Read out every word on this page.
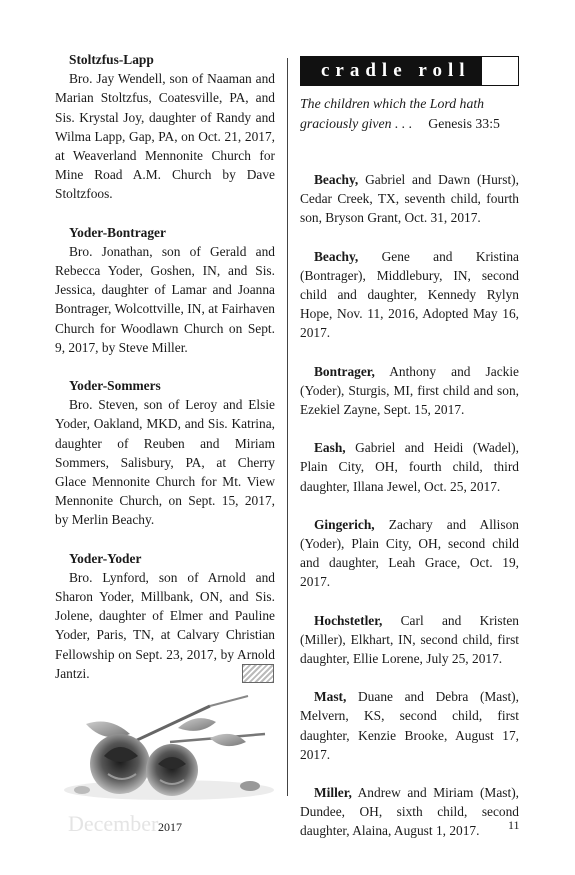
Stoltzfus-Lapp
Bro. Jay Wendell, son of Naaman and Marian Stoltzfus, Coatesville, PA, and Sis. Krystal Joy, daughter of Randy and Wilma Lapp, Gap, PA, on Oct. 21, 2017, at Weaverland Mennonite Church for Mine Road A.M. Church by Dave Stoltzfoos.
Yoder-Bontrager
Bro. Jonathan, son of Gerald and Rebecca Yoder, Goshen, IN, and Sis. Jessica, daughter of Lamar and Joanna Bontrager, Wolcottville, IN, at Fairhaven Church for Woodlawn Church on Sept. 9, 2017, by Steve Miller.
Yoder-Sommers
Bro. Steven, son of Leroy and Elsie Yoder, Oakland, MKD, and Sis. Katrina, daughter of Reuben and Miriam Sommers, Salisbury, PA, at Cherry Glace Mennonite Church for Mt. View Mennonite Church, on Sept. 15, 2017, by Merlin Beachy.
Yoder-Yoder
Bro. Lynford, son of Arnold and Sharon Yoder, Millbank, ON, and Sis. Jolene, daughter of Elmer and Pauline Yoder, Paris, TN, at Calvary Christian Fellowship on Sept. 23, 2017, by Arnold Jantzi.
cradle roll
The children which the Lord hath graciously given . . . Genesis 33:5
Beachy, Gabriel and Dawn (Hurst), Cedar Creek, TX, seventh child, fourth son, Bryson Grant, Oct. 31, 2017.
Beachy, Gene and Kristina (Bontrager), Middlebury, IN, second child and daughter, Kennedy Rylyn Hope, Nov. 11, 2016, Adopted May 16, 2017.
Bontrager, Anthony and Jackie (Yoder), Sturgis, MI, first child and son, Ezekiel Zayne, Sept. 15, 2017.
Eash, Gabriel and Heidi (Wadel), Plain City, OH, fourth child, third daughter, Illana Jewel, Oct. 25, 2017.
Gingerich, Zachary and Allison (Yoder), Plain City, OH, second child and daughter, Leah Grace, Oct. 19, 2017.
Hochstetler, Carl and Kristen (Miller), Elkhart, IN, second child, first daughter, Ellie Lorene, July 25, 2017.
Mast, Duane and Debra (Mast), Melvern, KS, second child, first daughter, Kenzie Brooke, August 17, 2017.
Miller, Andrew and Miriam (Mast), Dundee, OH, sixth child, second daughter, Alaina, August 1, 2017.
December 2017	11
